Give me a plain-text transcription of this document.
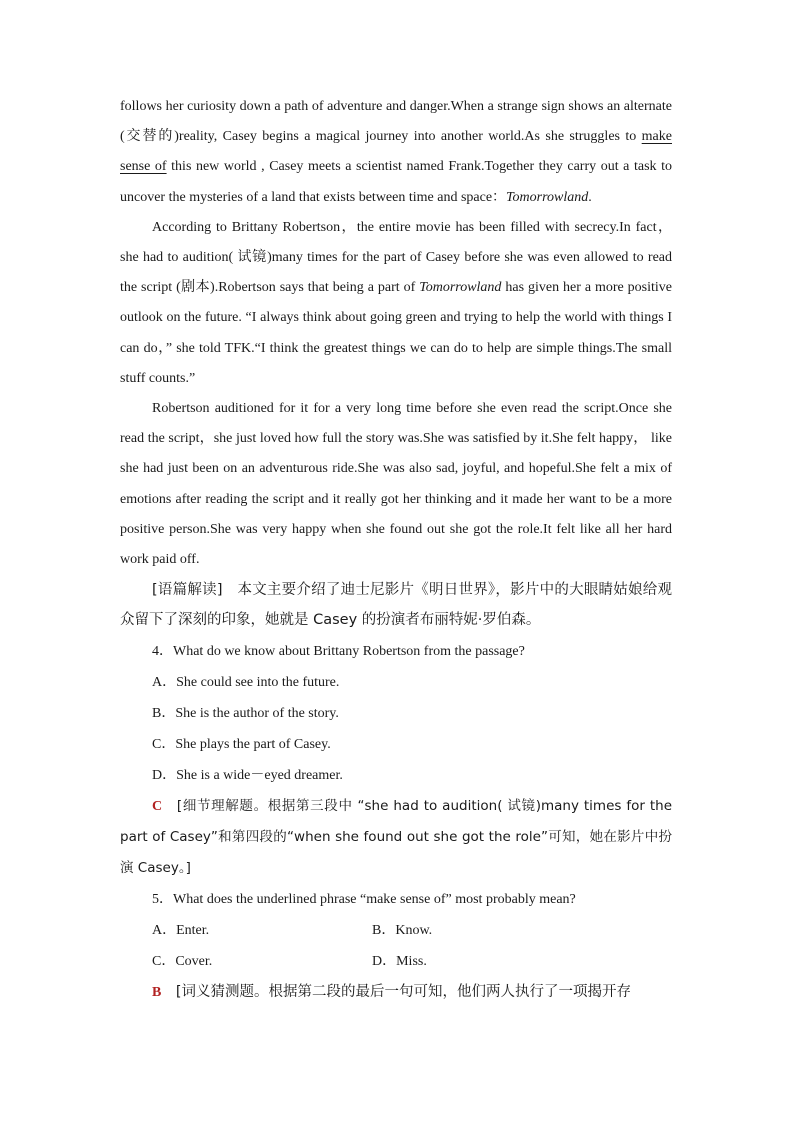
follows her curiosity down a path of adventure and danger.When a strange sign shows an alternate (交替的)reality, Casey begins a magical journey into another world.As she struggles to make sense of this new world , Casey meets a scientist named Frank.Together they carry out a task to uncover the mysteries of a land that exists between time and space：Tomorrowland.

According to Brittany Robertson，the entire movie has been filled with secrecy.In fact， she had to audition( 试镜)many times for the part of Casey before she was even allowed to read the script (剧本).Robertson says that being a part of Tomorrowland has given her a more positive outlook on the future. “I always think about going green and trying to help the world with things I can do，” she told TFK.“I think the greatest things we can do to help are simple things.The small stuff counts.”

Robertson auditioned for it for a very long time before she even read the script.Once she read the script，she just loved how full the story was.She was satisfied by it.She felt happy， like she had just been on an adventurous ride.She was also sad, joyful, and hopeful.She felt a mix of emotions after reading the script and it really got her thinking and it made her want to be a more positive person.She was very happy when she found out she got the role.It felt like all her hard work paid off.

[语篇解读]　本文主要介绍了迪士尼影片《明日世界》，影片中的大眼睛姑娘给观众留下了深刻的印象，她就是 Casey 的扮演者布丽特妮·罗伯森。

4．What do we know about Brittany Robertson from the passage?

A．She could see into the future.

B．She is the author of the story.

C．She plays the part of Casey.

D．She is a wide－eyed dreamer.

C　[细节理解题。根据第三段中 “she had to audition( 试镜)many times for the part of Casey”和第四段的“when she found out she got the role”可知，她在影片中扮演 Casey。]

5．What does the underlined phrase “make sense of” most probably mean?

A．Enter.	B．Know.
C．Cover.	D．Miss.

B　[词义猜测题。根据第二段的最后一句可知，他们两人执行了一项揭开存
